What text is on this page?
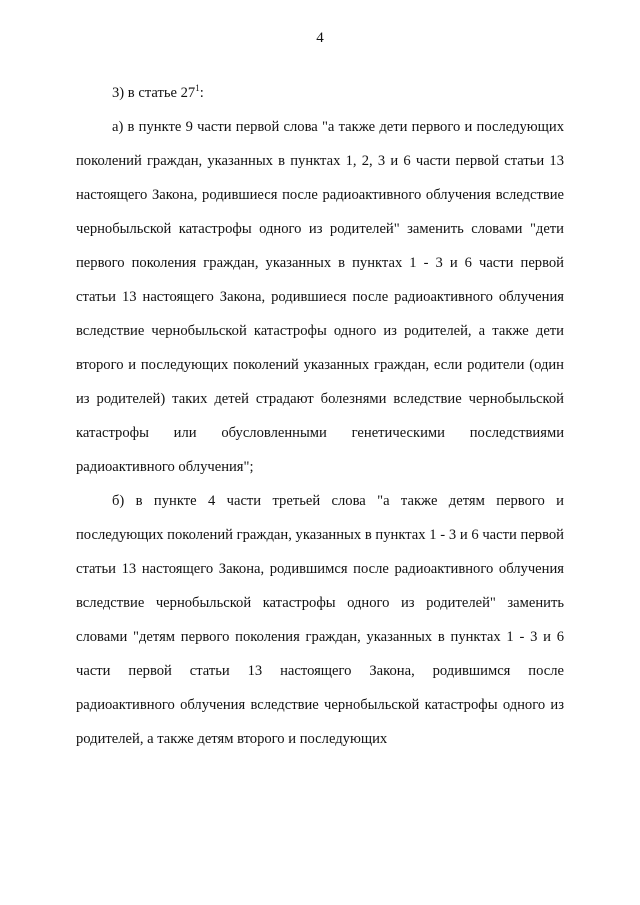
4

3) в статье $27^1$:

а) в пункте 9 части первой слова "а также дети первого и последующих поколений граждан, указанных в пунктах 1, 2, 3 и 6 части первой статьи 13 настоящего Закона, родившиеся после радиоактивного облучения вследствие чернобыльской катастрофы одного из родителей" заменить словами "дети первого поколения граждан, указанных в пунктах 1 - 3 и 6 части первой статьи 13 настоящего Закона, родившиеся после радиоактивного облучения вследствие чернобыльской катастрофы одного из родителей, а также дети второго и последующих поколений указанных граждан, если родители (один из родителей) таких детей страдают болезнями вследствие чернобыльской катастрофы или обусловленными генетическими последствиями радиоактивного облучения";

б) в пункте 4 части третьей слова "а также детям первого и последующих поколений граждан, указанных в пунктах 1 - 3 и 6 части первой статьи 13 настоящего Закона, родившимся после радиоактивного облучения вследствие чернобыльской катастрофы одного из родителей" заменить словами "детям первого поколения граждан, указанных в пунктах 1 - 3 и 6 части первой статьи 13 настоящего Закона, родившимся после радиоактивного облучения вследствие чернобыльской катастрофы одного из родителей, а также детям второго и последующих
